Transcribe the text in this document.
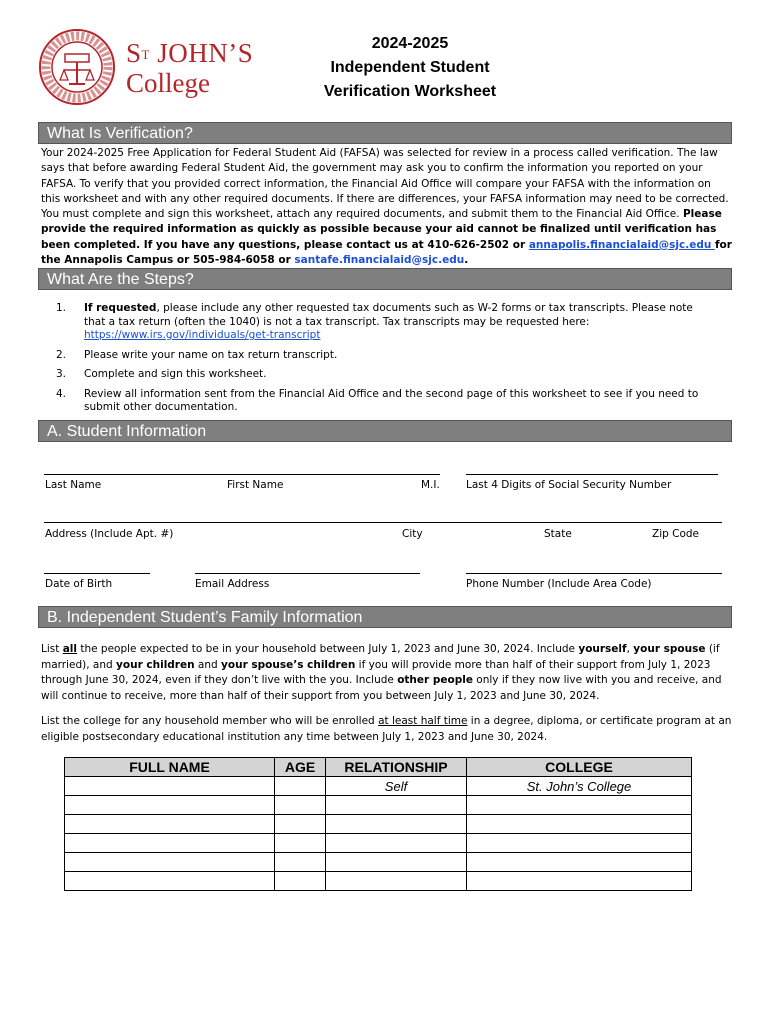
$S^T$ JOHN’S
College
2024-2025
Independent Student
Verification Worksheet
What Is Verification?
Your 2024-2025 Free Application for Federal Student Aid (FAFSA) was selected for review in a process called verification. The law says that before awarding Federal Student Aid, the government may ask you to confirm the information you reported on your FAFSA. To verify that you provided correct information, the Financial Aid Office will compare your FAFSA with the information on this worksheet and with any other required documents. If there are differences, your FAFSA information may need to be corrected. You must complete and sign this worksheet, attach any required documents, and submit them to the Financial Aid Office. Please provide the required information as quickly as possible because your aid cannot be finalized until verification has been completed. If you have any questions, please contact us at 410-626-2502 or annapolis.financialaid@sjc.edu for the Annapolis Campus or 505-984-6058 or santafe.financialaid@sjc.edu.
What Are the Steps?
1.	If requested, please include any other requested tax documents such as W-2 forms or tax transcripts. Please note that a tax return (often the 1040) is not a tax transcript. Tax transcripts may be requested here: https://www.irs.gov/individuals/get-transcript
2.	Please write your name on tax return transcript.
3.	Complete and sign this worksheet.
4.	Review all information sent from the Financial Aid Office and the second page of this worksheet to see if you need to submit other documentation.
A. Student Information
Last Name	First Name	M.I. Last 4 Digits of Social Security Number
Address (Include Apt. #)	City	State	Zip Code
Date of Birth	Email Address	Phone Number (Include Area Code)
B. Independent Student’s Family Information
List all the people expected to be in your household between July 1, 2023 and June 30, 2024. Include yourself, your spouse (if married), and your children and your spouse’s children if you will provide more than half of their support from July 1, 2023 through June 30, 2024, even if they don’t live with the you. Include other people only if they now live with you and receive, and will continue to receive, more than half of their support from you between July 1, 2023 and June 30, 2024.
List the college for any household member who will be enrolled at least half time in a degree, diploma, or certificate program at an eligible postsecondary educational institution any time between July 1, 2023 and June 30, 2024.
FULL NAME	AGE	RELATIONSHIP	COLLEGE
		Self	St. John’s College
